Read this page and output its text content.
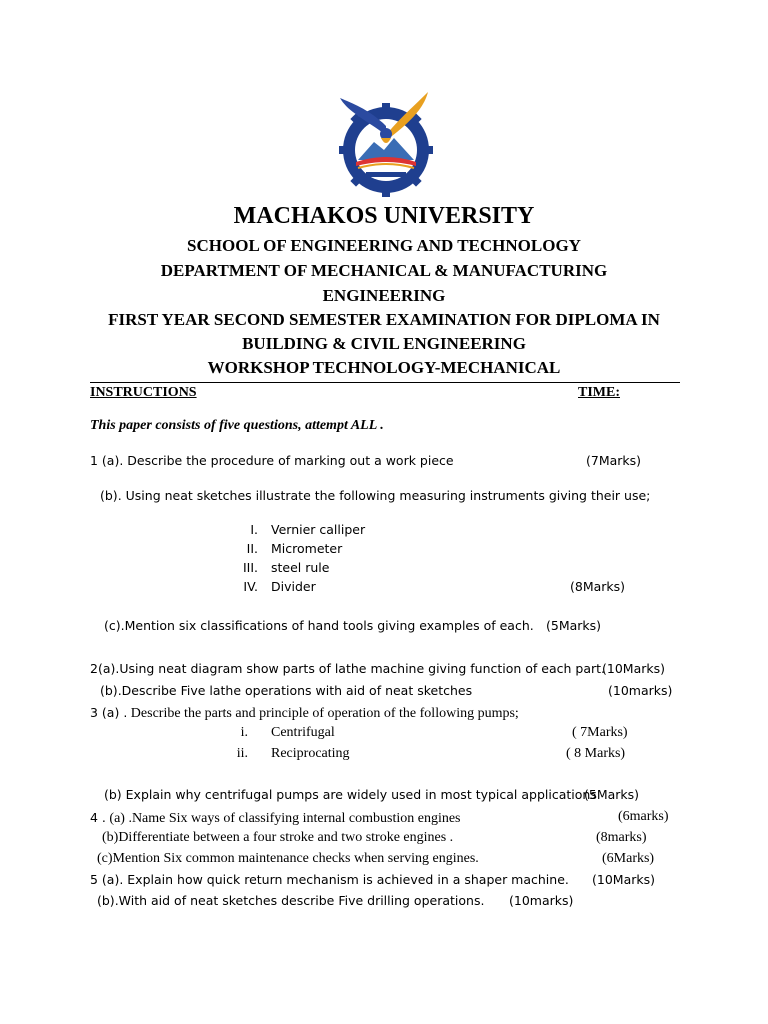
MACHAKOS UNIVERSITY
SCHOOL OF ENGINEERING AND TECHNOLOGY
DEPARTMENT OF MECHANICAL & MANUFACTURING
ENGINEERING
FIRST YEAR SECOND SEMESTER EXAMINATION FOR DIPLOMA IN
BUILDING & CIVIL ENGINEERING
WORKSHOP TECHNOLOGY-MECHANICAL
INSTRUCTIONS	TIME:
This paper consists of five questions, attempt ALL .
1 (a). Describe the procedure of marking out a work piece	(7Marks)
(b). Using neat sketches illustrate the following measuring instruments giving their use;
I. Vernier calliper
II. Micrometer
III. steel rule
IV. Divider	(8Marks)
(c).Mention six classifications of hand tools giving examples of each. (5Marks)
2(a).Using neat diagram show parts of lathe machine giving function of each part.
(10Marks)
(b).Describe Five lathe operations with aid of neat sketches	(10marks)
3 (a) . Describe the parts and principle of operation of the following pumps;
i. Centrifugal	( 7Marks)
ii. Reciprocating	( 8 Marks)
(b) Explain why centrifugal pumps are widely used in most typical applications
(5Marks)
4 . (a) .Name Six ways of classifying internal combustion engines	(6marks)
(b)Differentiate between a four stroke and two stroke engines .	(8marks)
(c)Mention Six common maintenance checks when serving engines.	(6Marks)
5 (a). Explain how quick return mechanism is achieved in a shaper machine. (10Marks)
(b).With aid of neat sketches describe Five drilling operations. (10marks)
